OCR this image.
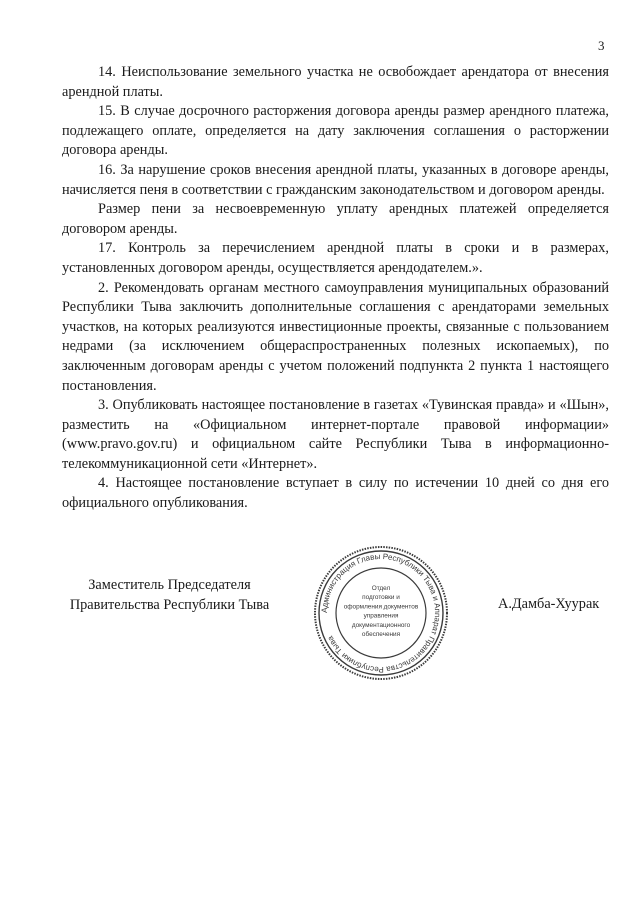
3

14. Неиспользование земельного участка не освобождает арендатора от внесения арендной платы.

15. В случае досрочного расторжения договора аренды размер арендного платежа, подлежащего оплате, определяется на дату заключения соглашения о расторжении договора аренды.

16. За нарушение сроков внесения арендной платы, указанных в договоре аренды, начисляется пеня в соответствии с гражданским законодательством и договором аренды.

Размер пени за несвоевременную уплату арендных платежей определяется договором аренды.

17. Контроль за перечислением арендной платы в сроки и в размерах, установленных договором аренды, осуществляется арендодателем.».

2. Рекомендовать органам местного самоуправления муниципальных образований Республики Тыва заключить дополнительные соглашения с арендаторами земельных участков, на которых реализуются инвестиционные проекты, связанные с пользованием недрами (за исключением общераспространенных полезных ископаемых), по заключенным договорам аренды с учетом положений подпункта 2 пункта 1 настоящего постановления.

3. Опубликовать настоящее постановление в газетах «Тувинская правда» и «Шын», разместить на «Официальном интернет-портале правовой информации» (www.pravo.gov.ru) и официальном сайте Республики Тыва в информационно-телекоммуникационной сети «Интернет».

4. Настоящее постановление вступает в силу по истечении 10 дней со дня его официального опубликования.

Заместитель Председателя
Правительства Республики Тыва	Администрация Главы Республики Тыва и Аппарат Правительства Республики Тыва
Отдел
подготовки и
оформления документов
управления
документационного
обеспечения
А.Дамба-Хуурак
